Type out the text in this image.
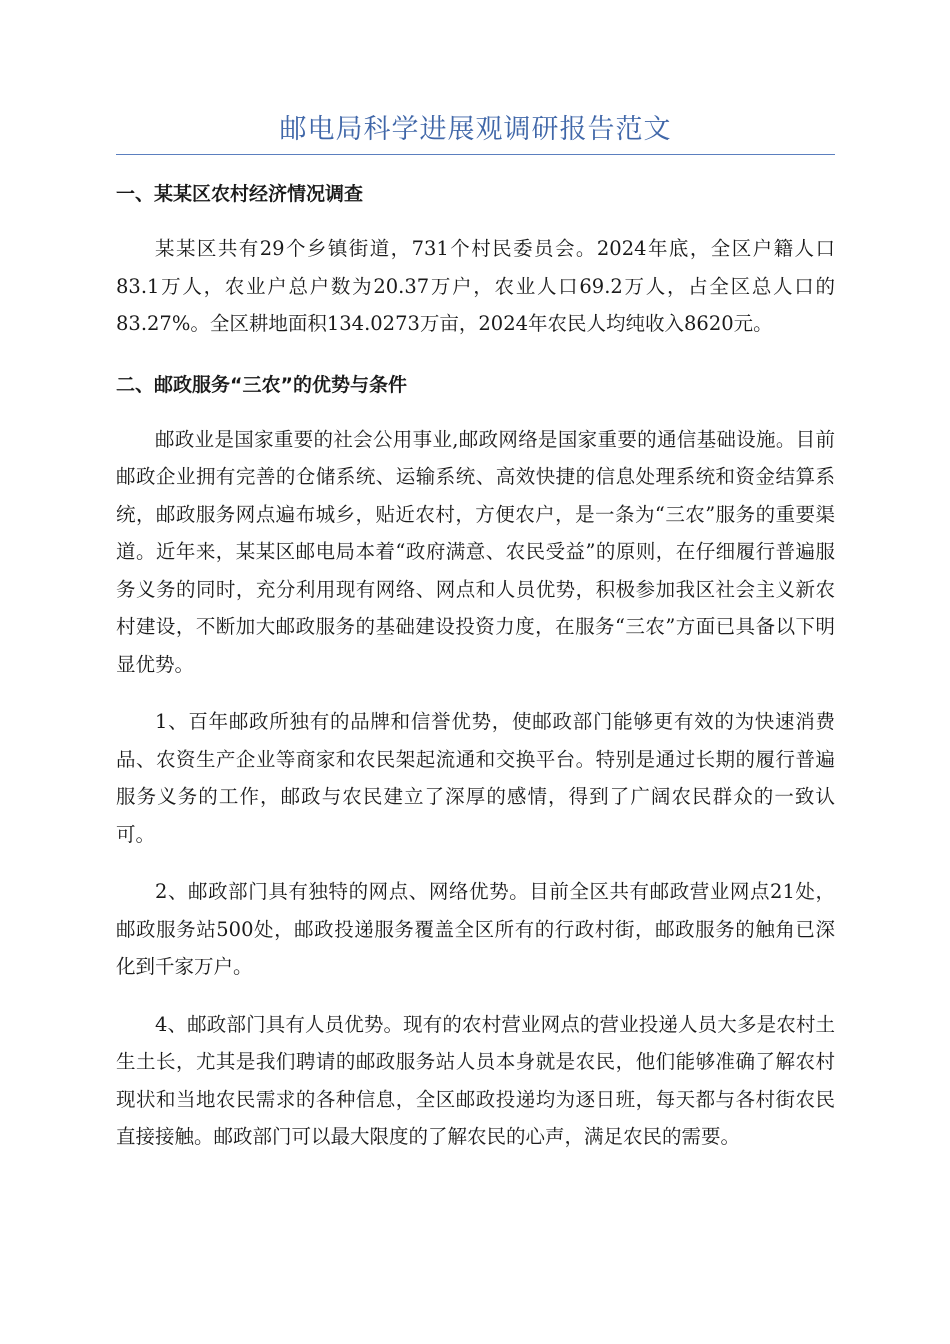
邮电局科学进展观调研报告范文
一、某某区农村经济情况调查

某某区共有29个乡镇街道，731个村民委员会。2024年底，全区户籍人口83.1万人，农业户总户数为20.37万户，农业人口69.2万人，占全区总人口的83.27%。全区耕地面积134.0273万亩，2024年农民人均纯收入8620元。

二、邮政服务“三农”的优势与条件

邮政业是国家重要的社会公用事业,邮政网络是国家重要的通信基础设施。目前邮政企业拥有完善的仓储系统、运输系统、高效快捷的信息处理系统和资金结算系统，邮政服务网点遍布城乡，贴近农村，方便农户，是一条为“三农”服务的重要渠道。近年来，某某区邮电局本着“政府满意、农民受益”的原则，在仔细履行普遍服务义务的同时，充分利用现有网络、网点和人员优势，积极参加我区社会主义新农村建设，不断加大邮政服务的基础建设投资力度，在服务“三农”方面已具备以下明显优势。

1、百年邮政所独有的品牌和信誉优势，使邮政部门能够更有效的为快速消费品、农资生产企业等商家和农民架起流通和交换平台。特别是通过长期的履行普遍服务义务的工作，邮政与农民建立了深厚的感情，得到了广阔农民群众的一致认可。

2、邮政部门具有独特的网点、网络优势。目前全区共有邮政营业网点21处，邮政服务站500处，邮政投递服务覆盖全区所有的行政村街，邮政服务的触角已深化到千家万户。

4、邮政部门具有人员优势。现有的农村营业网点的营业投递人员大多是农村土生土长，尤其是我们聘请的邮政服务站人员本身就是农民，他们能够准确了解农村现状和当地农民需求的各种信息，全区邮政投递均为逐日班，每天都与各村街农民直接接触。邮政部门可以最大限度的了解农民的心声，满足农民的需要。
